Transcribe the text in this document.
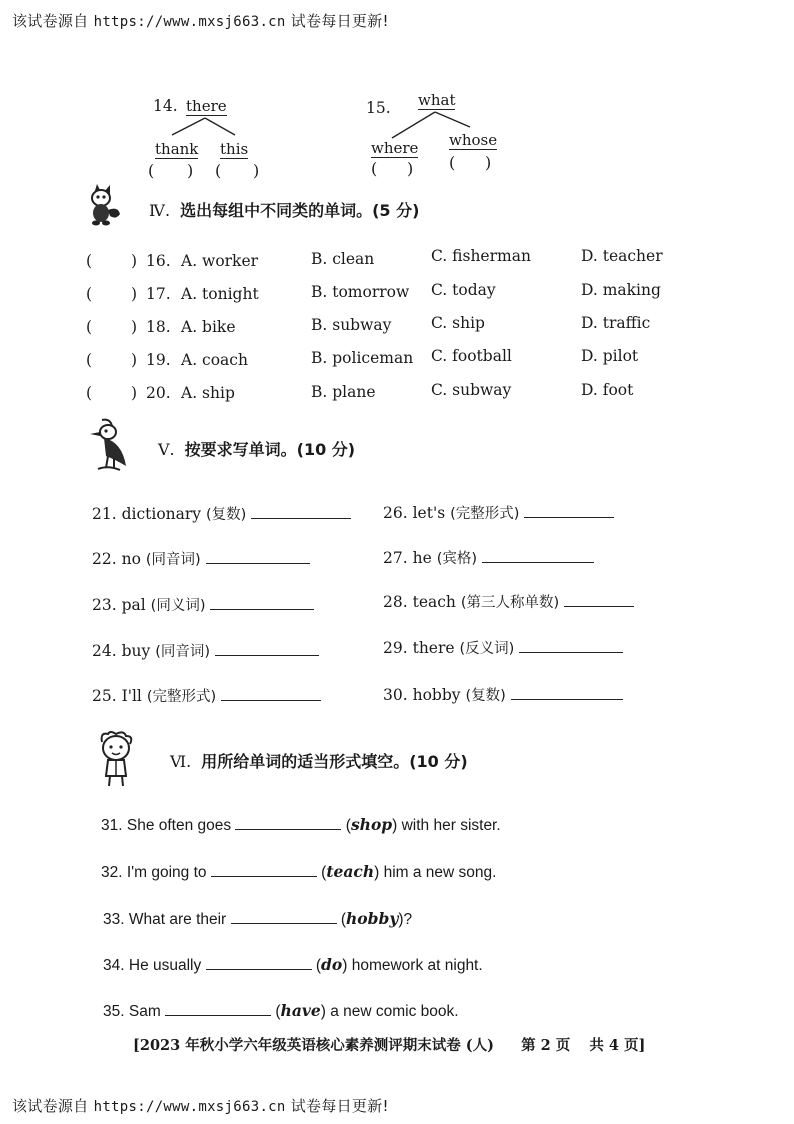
该试卷源自 https://www.mxsj663.cn 试卷每日更新!
14. there
thank this
( ) ( )
15. what
where whose
( ) ( )
Ⅳ. 选出每组中不同类的单词。(5 分)
(	) 16. A. worker	B. clean	C. fisherman	D. teacher
(	) 17. A. tonight	B. tomorrow C. today	D. making
(	) 18. A. bike	B. subway	C. ship	D. traffic
(	) 19. A. coach	B. policeman C. football	D. pilot
(	) 20. A. ship	B. plane	C. subway	D. foot
Ⅴ. 按要求写单词。(10 分)
21. dictionary (复数)
22. no (同音词)
23. pal (同义词)
24. buy (同音词)
25. I'll (完整形式)
26. let's (完整形式)
27. he (宾格)
28. teach (第三人称单数)
29. there (反义词)
30. hobby (复数)
Ⅵ. 用所给单词的适当形式填空。(10 分)
31. She often goes	(shop) with her sister.
32. I'm going to	(teach) him a new song.
33. What are their	(hobby)?
34. He usually	(do) homework at night.
35. Sam	(have) a new comic book.
[2023 年秋小学六年级英语核心素养测评期末试卷 (人) 第 2 页 共 4 页]
该试卷源自 https://www.mxsj663.cn 试卷每日更新!
